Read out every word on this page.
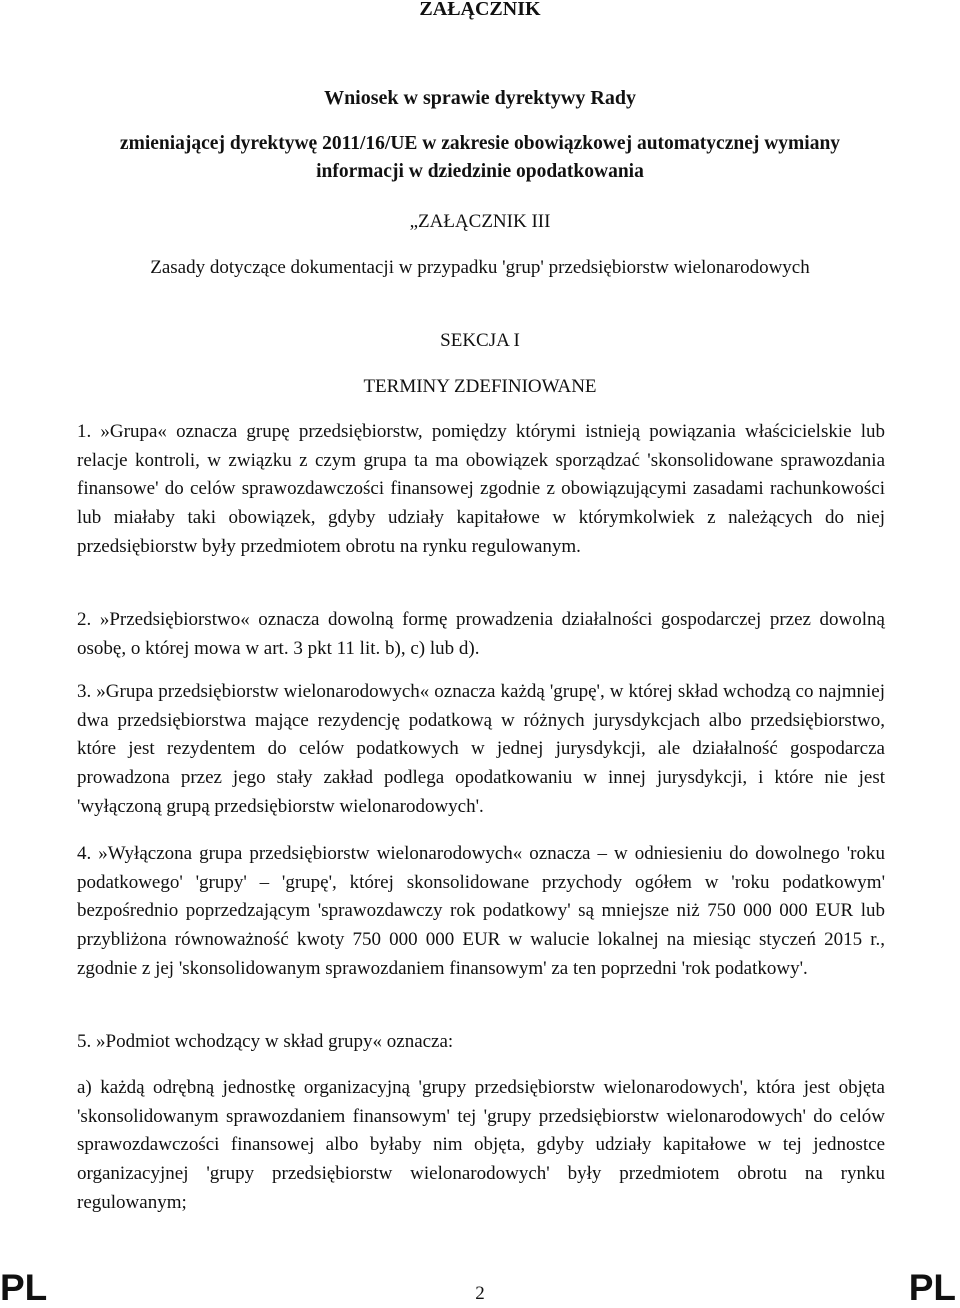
ZAŁĄCZNIK
Wniosek w sprawie dyrektywy Rady
zmieniającej dyrektywę 2011/16/UE w zakresie obowiązkowej automatycznej wymiany
informacji w dziedzinie opodatkowania
„ZAŁĄCZNIK III
Zasady dotyczące dokumentacji w przypadku 'grup' przedsiębiorstw wielonarodowych
SEKCJA I
TERMINY ZDEFINIOWANE
1. »Grupa« oznacza grupę przedsiębiorstw, pomiędzy którymi istnieją powiązania właścicielskie lub relacje kontroli, w związku z czym grupa ta ma obowiązek sporządzać 'skonsolidowane sprawozdania finansowe' do celów sprawozdawczości finansowej zgodnie z obowiązującymi zasadami rachunkowości lub miałaby taki obowiązek, gdyby udziały kapitałowe w którymkolwiek z należących do niej przedsiębiorstw były przedmiotem obrotu na rynku regulowanym.
2. »Przedsiębiorstwo« oznacza dowolną formę prowadzenia działalności gospodarczej przez dowolną osobę, o której mowa w art. 3 pkt 11 lit. b), c) lub d).
3. »Grupa przedsiębiorstw wielonarodowych« oznacza każdą 'grupę', w której skład wchodzą co najmniej dwa przedsiębiorstwa mające rezydencję podatkową w różnych jurysdykcjach albo przedsiębiorstwo, które jest rezydentem do celów podatkowych w jednej jurysdykcji, ale działalność gospodarcza prowadzona przez jego stały zakład podlega opodatkowaniu w innej jurysdykcji, i które nie jest 'wyłączoną grupą przedsiębiorstw wielonarodowych'.
4. »Wyłączona grupa przedsiębiorstw wielonarodowych« oznacza – w odniesieniu do dowolnego 'roku podatkowego' 'grupy' – 'grupę', której skonsolidowane przychody ogółem w 'roku podatkowym' bezpośrednio poprzedzającym 'sprawozdawczy rok podatkowy' są mniejsze niż 750 000 000 EUR lub przybliżona równoważność kwoty 750 000 000 EUR w walucie lokalnej na miesiąc styczeń 2015 r., zgodnie z jej 'skonsolidowanym sprawozdaniem finansowym' za ten poprzedni 'rok podatkowy'.
5. »Podmiot wchodzący w skład grupy« oznacza:
a) każdą odrębną jednostkę organizacyjną 'grupy przedsiębiorstw wielonarodowych', która jest objęta 'skonsolidowanym sprawozdaniem finansowym' tej 'grupy przedsiębiorstw wielonarodowych' do celów sprawozdawczości finansowej albo byłaby nim objęta, gdyby udziały kapitałowe w tej jednostce organizacyjnej 'grupy przedsiębiorstw wielonarodowych' były przedmiotem obrotu na rynku regulowanym;
PL	2	PL
